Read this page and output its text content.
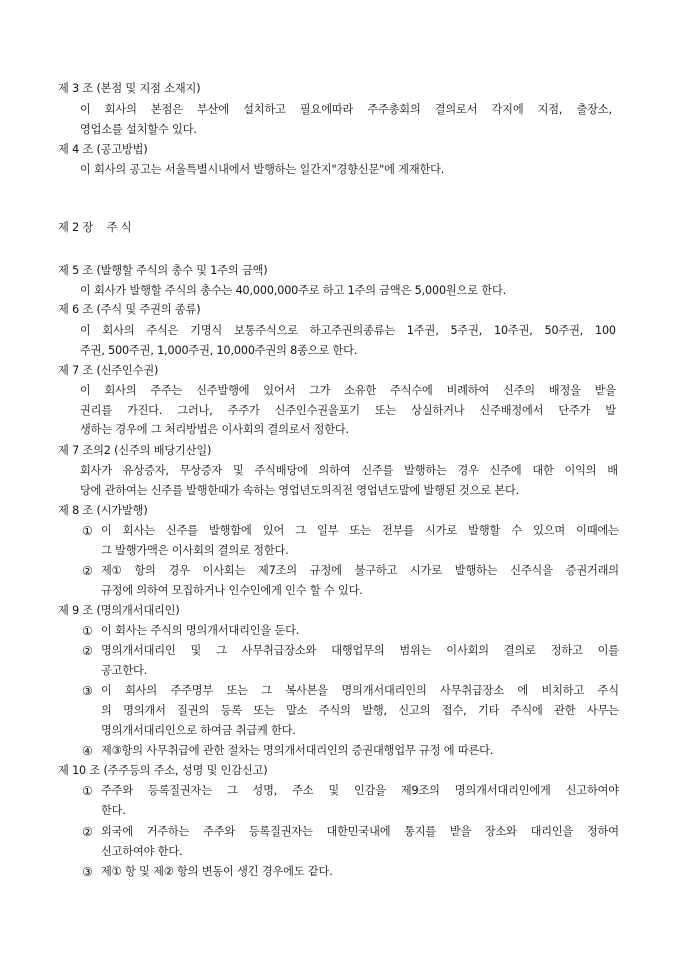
제 3 조 (본점 및 지점 소재지)
이 회사의 본점은 부산에 설치하고 필요에따라 주주총회의 결의로서 각지에 지점, 출장소,
영업소를 설치할수 있다.
제 4 조 (공고방법)
이 회사의 공고는 서울특별시내에서 발행하는 일간지"경향신문"에 게재한다.
제 2 장    주 식
제 5 조 (발행할 주식의 총수 및 1주의 금액)
이 회사가 발행할 주식의 총수는 40,000,000주로 하고 1주의 금액은 5,000원으로 한다.
제 6 조 (주식 및 주권의 종류)
이 회사의 주식은 기명식 보통주식으로 하고주권의종류는 1주권, 5주권, 10주권, 50주권, 100
주권, 500주권, 1,000주권, 10,000주권의 8종으로 한다.
제 7 조 (신주인수권)
이 회사의 주주는 신주발행에 있어서 그가 소유한 주식수에 비례하여 신주의 배정을 받을
권리를 가진다. 그러나, 주주가 신주인수권을포기 또는 상실하거나 신주배정에서 단주가 발
생하는 경우에 그 처리방법은 이사회의 결의로서 정한다.
제 7 조의2 (신주의 배당기산일)
회사가 유상증자, 무상증자 및 주식배당에 의하여 신주를 발행하는 경우 신주에 대한 이익의 배
당에 관하여는 신주를 발행한때가 속하는 영업년도의직전 영업년도말에 발행된 것으로 본다.
제 8 조 (시가발행)
① 이 회사는 신주를 발행함에 있어 그 일부 또는 전부를 시가로 발행할 수 있으며 이때에는
그 발행가액은 이사회의 결의로 정한다.
② 제① 항의 경우 이사회는 제7조의 규정에 불구하고 시가로 발행하는 신주식을 증권거래의
규정에 의하여 모집하거나 인수인에게 인수 할 수 있다.
제 9 조 (명의개서대리인)
① 이 회사는 주식의 명의개서대리인을 둔다.
② 명의개서대리인 및 그 사무취급장소와 대행업무의 범위는 이사회의 결의로 정하고 이를
공고한다.
③ 이 회사의 주주명부 또는 그 복사본을 명의개서대리인의 사무취급장소 에 비치하고 주식
의 명의개서 질권의 등록 또는 말소 주식의 발행, 신고의 접수, 기타 주식에 관한 사무는
명의개서대리인으로 하여금 취급케 한다.
④ 제③항의 사무취급에 관한 절차는 명의개서대리인의 증권대행업무 규정 에 따른다.
제 10 조 (주주등의 주소, 성명 및 인감신고)
① 주주와 등록질권자는 그 성명, 주소 및 인감을 제9조의 명의개서대리인에게 신고하여야
한다.
② 외국에 거주하는 주주와 등록질권자는 대한민국내에 통지를 받을 장소와 대리인을 정하여
신고하여야 한다.
③ 제① 항 및 제② 항의 변동이 생긴 경우에도 같다.
